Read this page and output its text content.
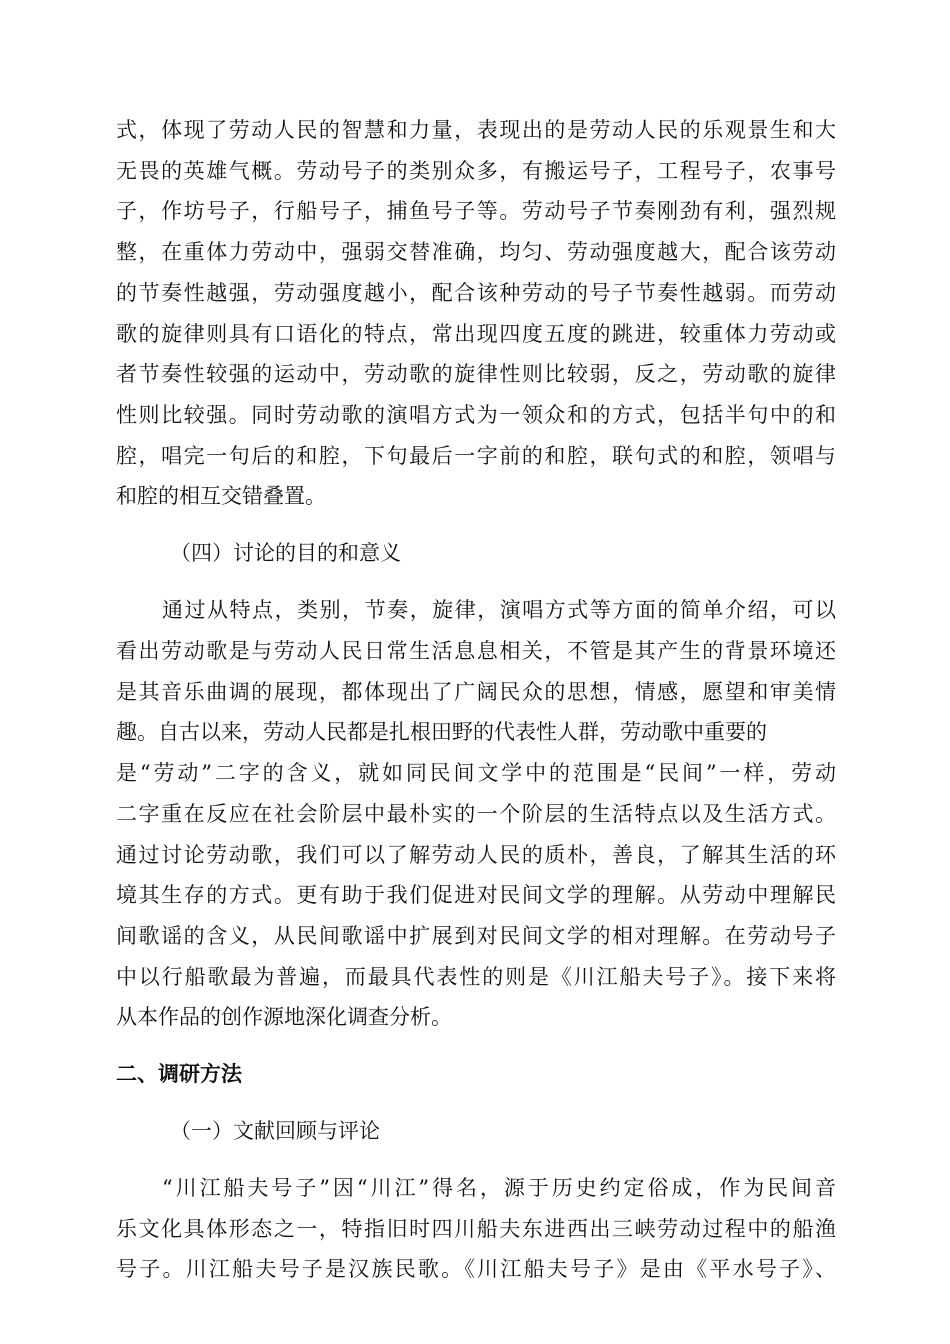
式，体现了劳动人民的智慧和力量，表现出的是劳动人民的乐观景生和大
无畏的英雄气概。劳动号子的类别众多，有搬运号子，工程号子，农事号
子，作坊号子，行船号子，捕鱼号子等。劳动号子节奏刚劲有利，强烈规
整，在重体力劳动中，强弱交替准确，均匀、劳动强度越大，配合该劳动
的节奏性越强，劳动强度越小，配合该种劳动的号子节奏性越弱。而劳动
歌的旋律则具有口语化的特点，常出现四度五度的跳进，较重体力劳动或
者节奏性较强的运动中，劳动歌的旋律性则比较弱，反之，劳动歌的旋律
性则比较强。同时劳动歌的演唱方式为一领众和的方式，包括半句中的和
腔，唱完一句后的和腔，下句最后一字前的和腔，联句式的和腔，领唱与
和腔的相互交错叠置。
（四）讨论的目的和意义
通过从特点，类别，节奏，旋律，演唱方式等方面的简单介绍，可以
看出劳动歌是与劳动人民日常生活息息相关，不管是其产生的背景环境还
是其音乐曲调的展现，都体现出了广阔民众的思想，情感，愿望和审美情
趣。自古以来，劳动人民都是扎根田野的代表性人群，劳动歌中重要的
是“劳动”二字的含义，就如同民间文学中的范围是“民间”一样，劳动
二字重在反应在社会阶层中最朴实的一个阶层的生活特点以及生活方式。
通过讨论劳动歌，我们可以了解劳动人民的质朴，善良，了解其生活的环
境其生存的方式。更有助于我们促进对民间文学的理解。从劳动中理解民
间歌谣的含义，从民间歌谣中扩展到对民间文学的相对理解。在劳动号子
中以行船歌最为普遍，而最具代表性的则是《川江船夫号子》。接下来将
从本作品的创作源地深化调查分析。
二、调研方法
（一）文献回顾与评论
“川江船夫号子”因“川江”得名，源于历史约定俗成，作为民间音
乐文化具体形态之一，特指旧时四川船夫东进西出三峡劳动过程中的船渔
号子。川江船夫号子是汉族民歌。《川江船夫号子》是由《平水号子》、
